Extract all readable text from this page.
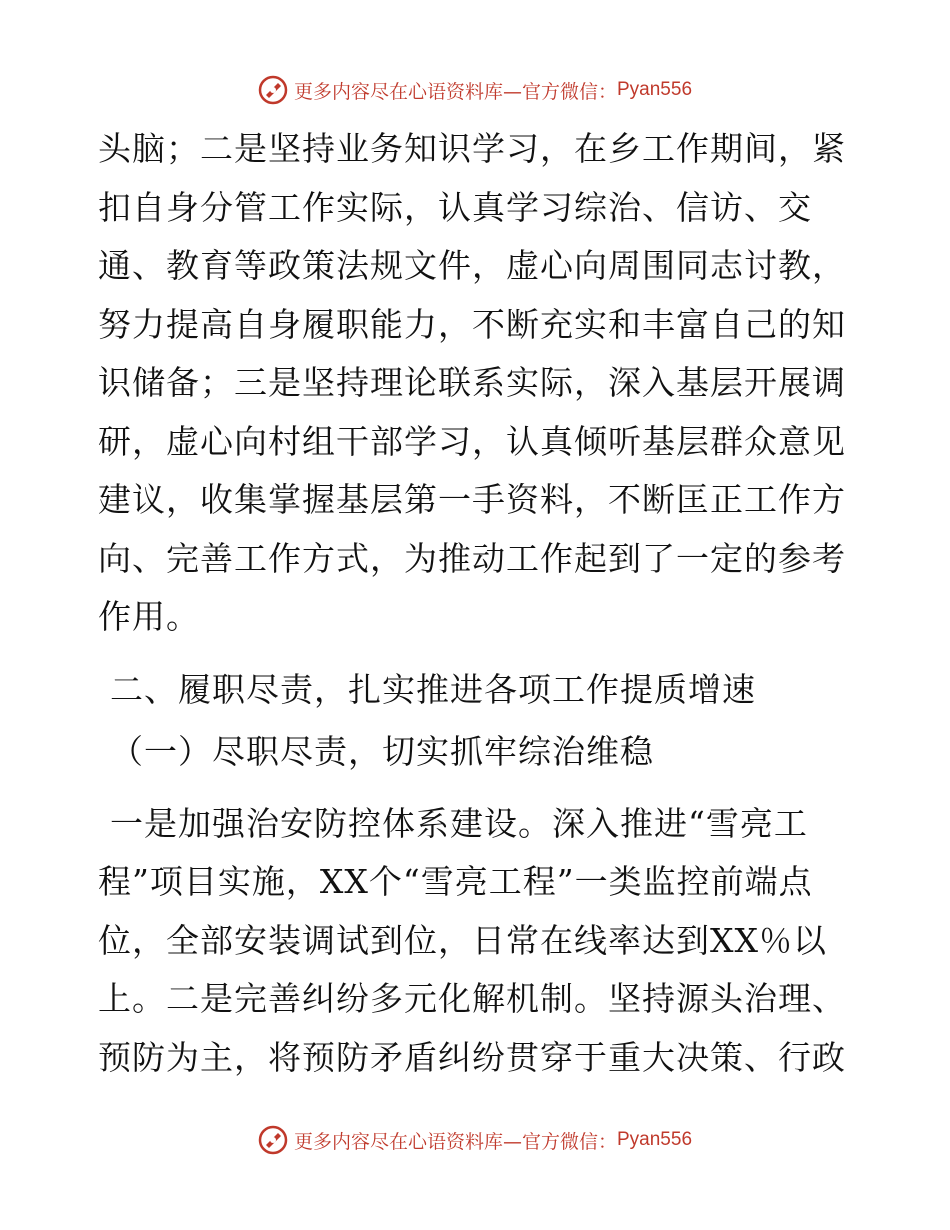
更多内容尽在心语资料库—官方微信： Pyan556
头脑；二是坚持业务知识学习，在乡工作期间，紧
扣自身分管工作实际，认真学习综治、信访、交
通、教育等政策法规文件，虚心向周围同志讨教，
努力提高自身履职能力，不断充实和丰富自己的知
识储备；三是坚持理论联系实际，深入基层开展调
研，虚心向村组干部学习，认真倾听基层群众意见
建议，收集掌握基层第一手资料，不断匡正工作方
向、完善工作方式，为推动工作起到了一定的参考
作用。
二、履职尽责，扎实推进各项工作提质增速
（一）尽职尽责，切实抓牢综治维稳
一是加强治安防控体系建设。深入推进“雪亮工
程”项目实施，XX个“雪亮工程”一类监控前端点
位，全部安装调试到位，日常在线率达到XX％以
上。二是完善纠纷多元化解机制。坚持源头治理、
预防为主，将预防矛盾纠纷贯穿于重大决策、行政
更多内容尽在心语资料库—官方微信： Pyan556
